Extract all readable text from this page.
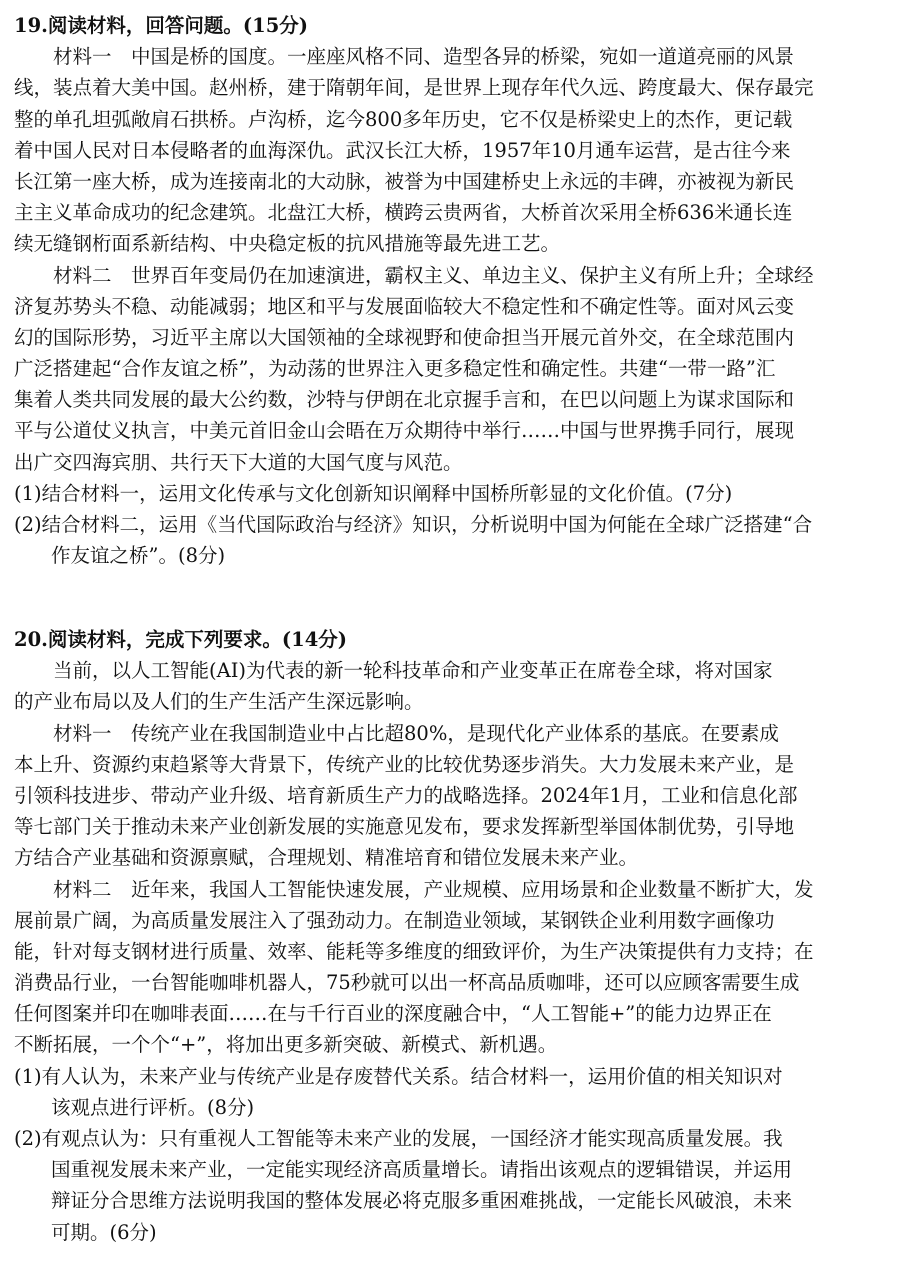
19.阅读材料，回答问题。(15分)
材料一　中国是桥的国度。一座座风格不同、造型各异的桥梁，宛如一道道亮丽的风景
线，装点着大美中国。赵州桥，建于隋朝年间，是世界上现存年代久远、跨度最大、保存最完
整的单孔坦弧敞肩石拱桥。卢沟桥，迄今800多年历史，它不仅是桥梁史上的杰作，更记载
着中国人民对日本侵略者的血海深仇。武汉长江大桥，1957年10月通车运营，是古往今来
长江第一座大桥，成为连接南北的大动脉，被誉为中国建桥史上永远的丰碑，亦被视为新民
主主义革命成功的纪念建筑。北盘江大桥，横跨云贵两省，大桥首次采用全桥636米通长连
续无缝钢桁面系新结构、中央稳定板的抗风措施等最先进工艺。
材料二　世界百年变局仍在加速演进，霸权主义、单边主义、保护主义有所上升；全球经
济复苏势头不稳、动能减弱；地区和平与发展面临较大不稳定性和不确定性等。面对风云变
幻的国际形势，习近平主席以大国领袖的全球视野和使命担当开展元首外交，在全球范围内
广泛搭建起“合作友谊之桥”，为动荡的世界注入更多稳定性和确定性。共建“一带一路”汇
集着人类共同发展的最大公约数，沙特与伊朗在北京握手言和，在巴以问题上为谋求国际和
平与公道仗义执言，中美元首旧金山会晤在万众期待中举行……中国与世界携手同行，展现
出广交四海宾朋、共行天下大道的大国气度与风范。
(1)结合材料一，运用文化传承与文化创新知识阐释中国桥所彰显的文化价值。(7分)
(2)结合材料二，运用《当代国际政治与经济》知识，分析说明中国为何能在全球广泛搭建“合
作友谊之桥”。(8分)
20.阅读材料，完成下列要求。(14分)
当前，以人工智能(AI)为代表的新一轮科技革命和产业变革正在席卷全球，将对国家
的产业布局以及人们的生产生活产生深远影响。
材料一　传统产业在我国制造业中占比超80%，是现代化产业体系的基底。在要素成
本上升、资源约束趋紧等大背景下，传统产业的比较优势逐步消失。大力发展未来产业，是
引领科技进步、带动产业升级、培育新质生产力的战略选择。2024年1月，工业和信息化部
等七部门关于推动未来产业创新发展的实施意见发布，要求发挥新型举国体制优势，引导地
方结合产业基础和资源禀赋，合理规划、精准培育和错位发展未来产业。
材料二　近年来，我国人工智能快速发展，产业规模、应用场景和企业数量不断扩大，发
展前景广阔，为高质量发展注入了强劲动力。在制造业领域，某钢铁企业利用数字画像功
能，针对每支钢材进行质量、效率、能耗等多维度的细致评价，为生产决策提供有力支持；在
消费品行业，一台智能咖啡机器人，75秒就可以出一杯高品质咖啡，还可以应顾客需要生成
任何图案并印在咖啡表面……在与千行百业的深度融合中，“人工智能+”的能力边界正在
不断拓展，一个个“+”，将加出更多新突破、新模式、新机遇。
(1)有人认为，未来产业与传统产业是存废替代关系。结合材料一，运用价值的相关知识对
该观点进行评析。(8分)
(2)有观点认为：只有重视人工智能等未来产业的发展，一国经济才能实现高质量发展。我
国重视发展未来产业，一定能实现经济高质量增长。请指出该观点的逻辑错误，并运用
辩证分合思维方法说明我国的整体发展必将克服多重困难挑战，一定能长风破浪，未来
可期。(6分)
